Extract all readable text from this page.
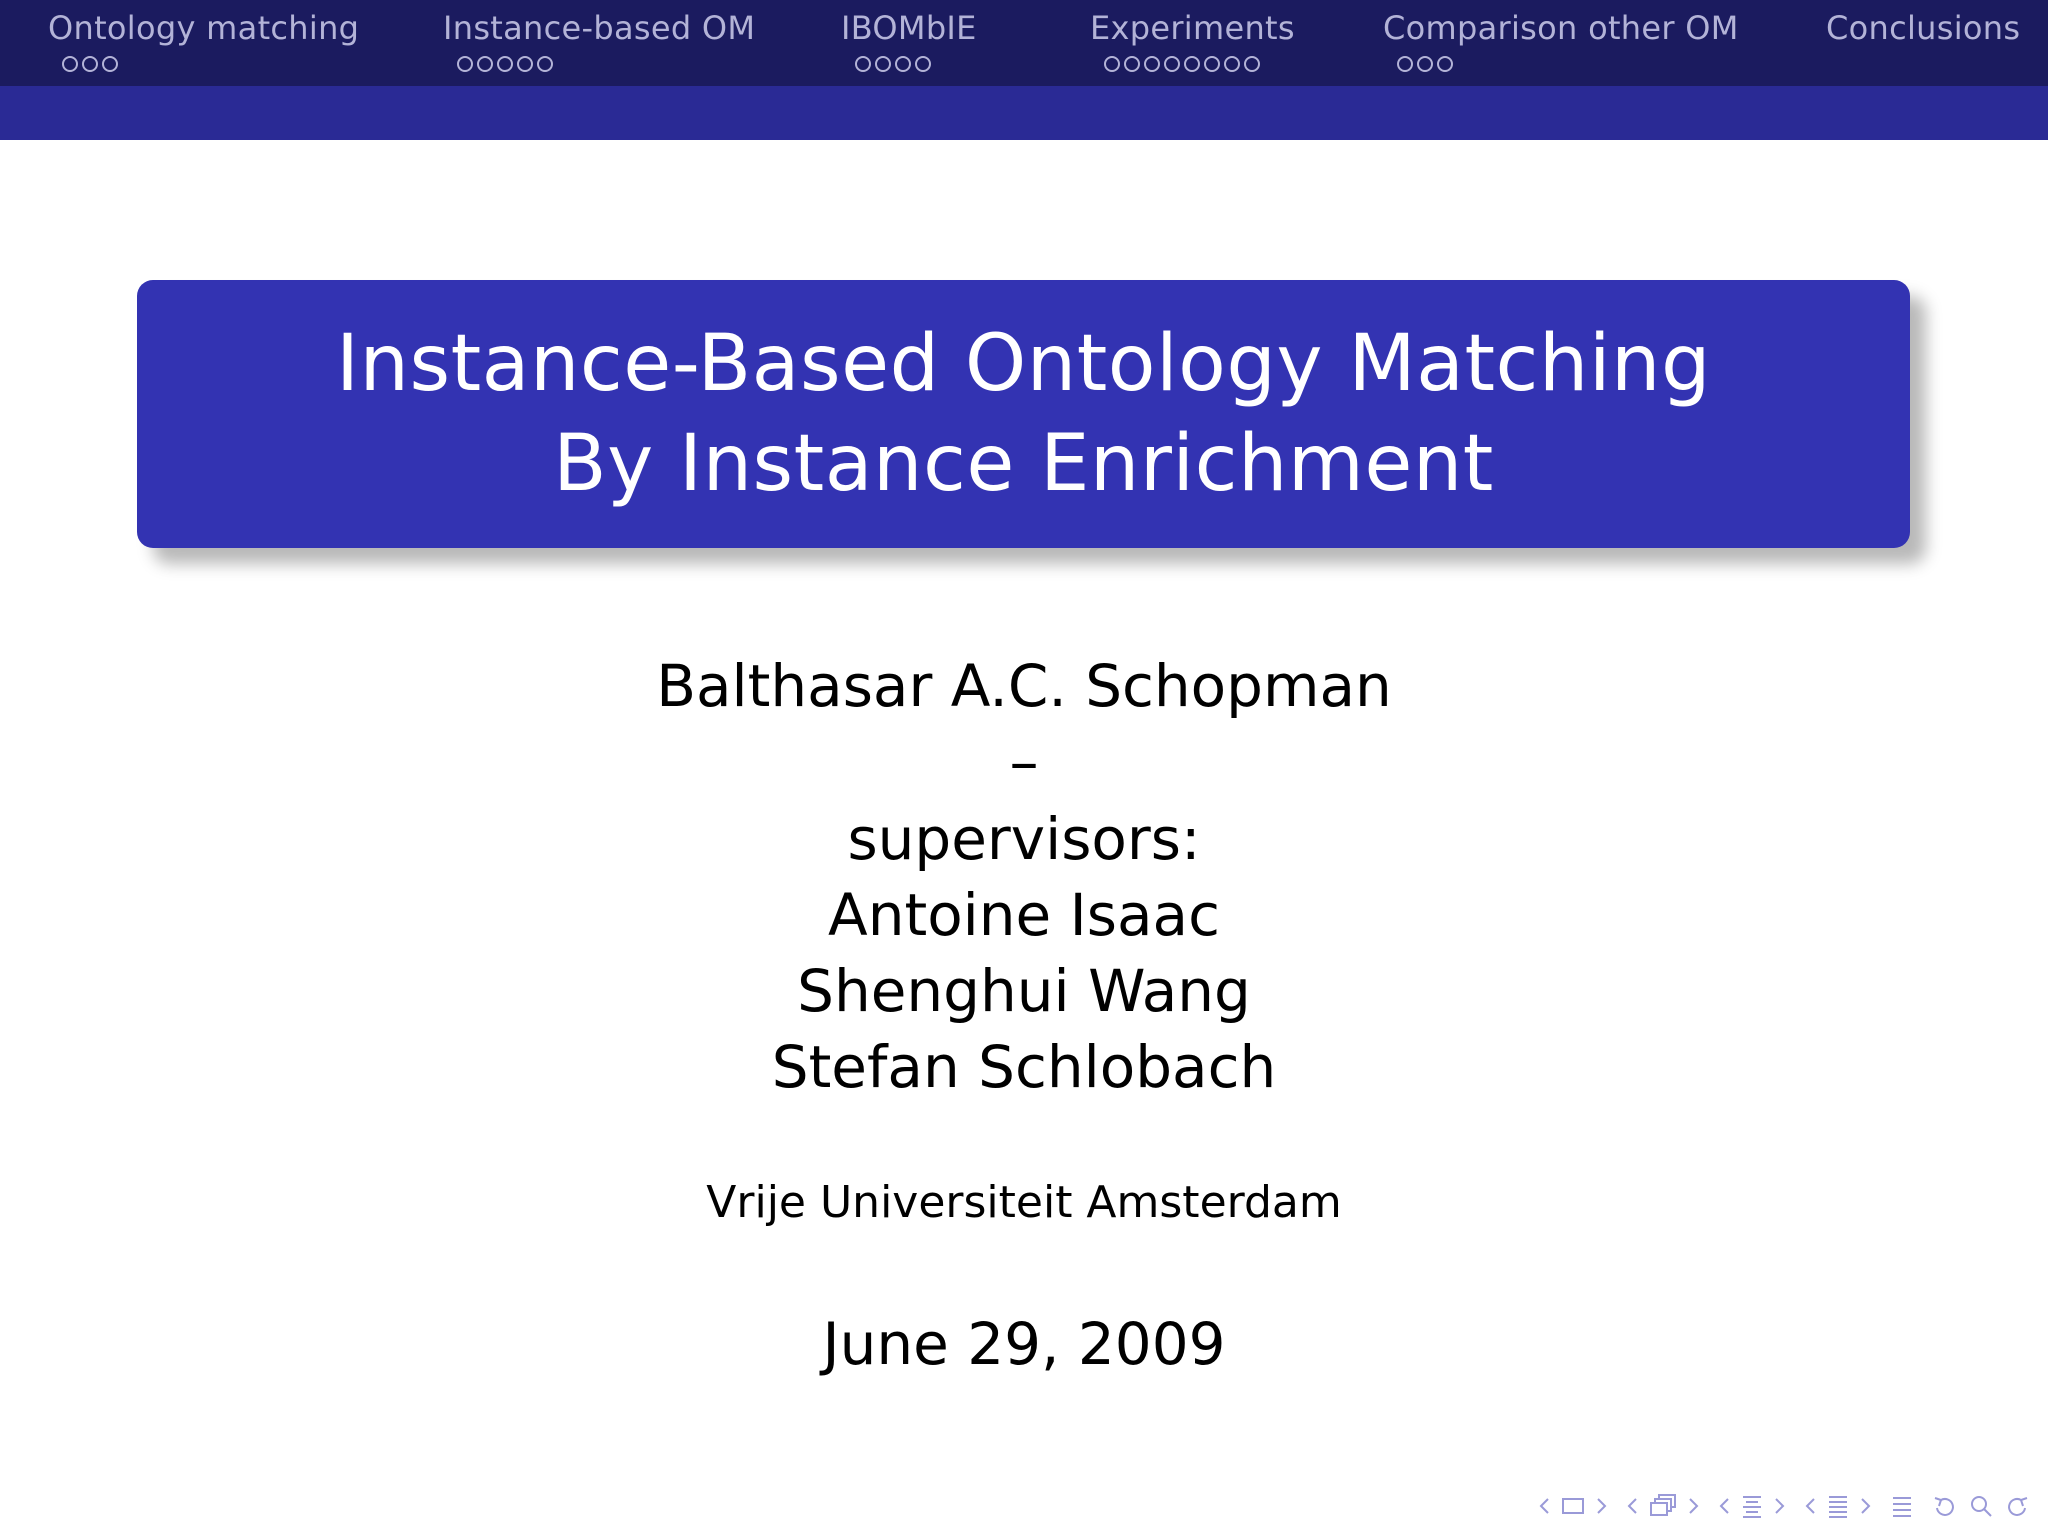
Ontology matching	Instance-based OM	IBOMbIE	Experiments	Comparison other OM	Conclusions
Instance-Based Ontology Matching
By Instance Enrichment
Balthasar A.C. Schopman
–
supervisors:
Antoine Isaac
Shenghui Wang
Stefan Schlobach
Vrije Universiteit Amsterdam
June 29, 2009
